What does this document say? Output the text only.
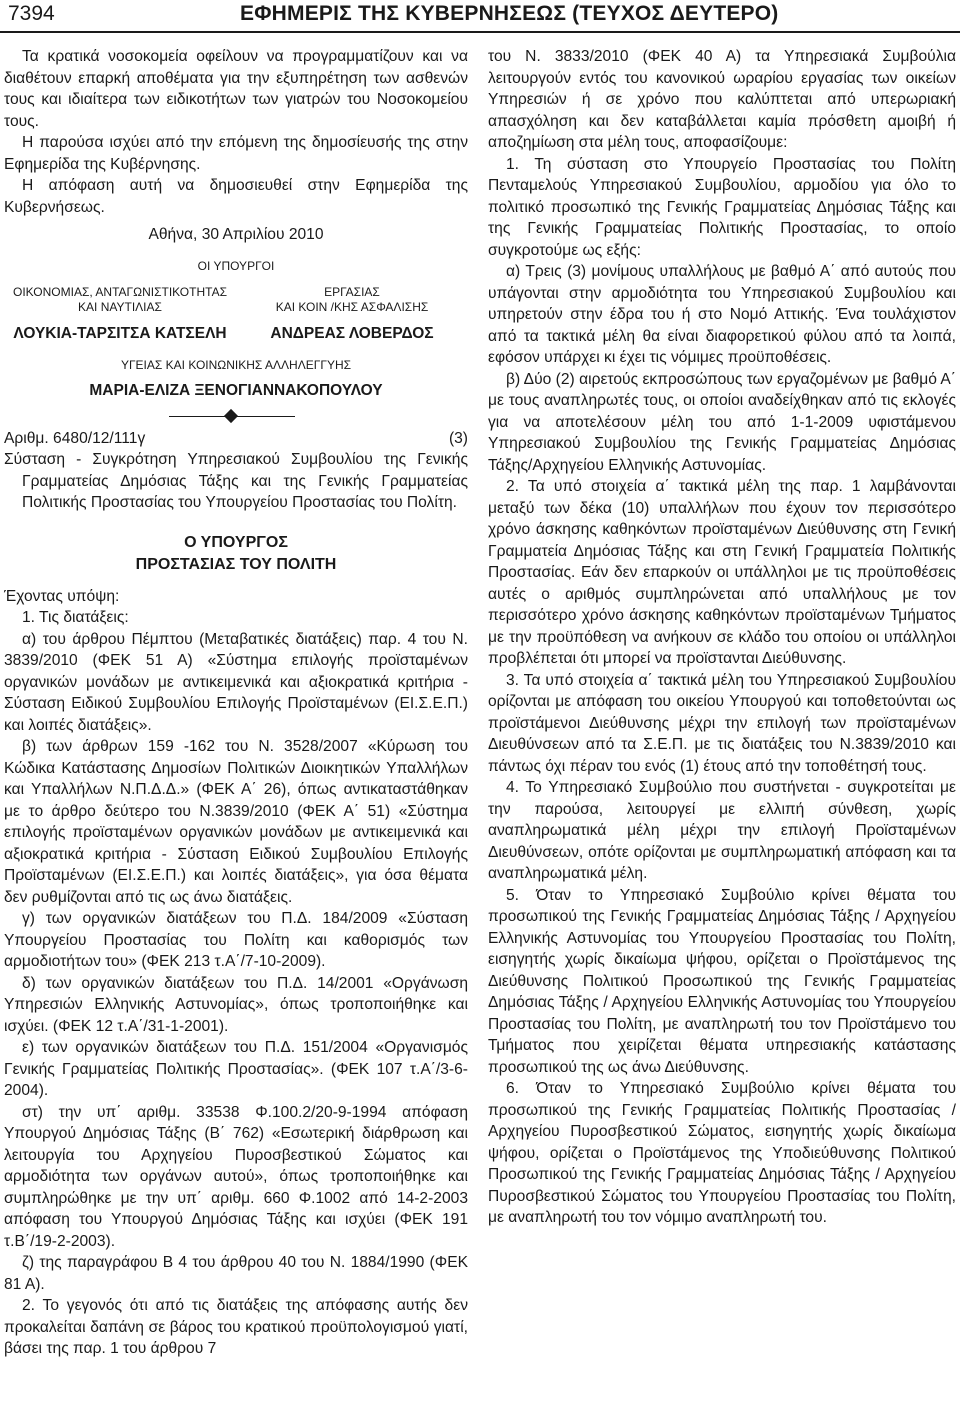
7394	ΕΦΗΜΕΡΙΣ ΤΗΣ ΚΥΒΕΡΝΗΣΕΩΣ (ΤΕΥΧΟΣ ΔΕΥΤΕΡΟ)

Τα κρατικά νοσοκομεία οφείλουν να προγραμματίζουν και να διαθέτουν επαρκή αποθέματα για την εξυπηρέτηση των ασθενών τους και ιδιαίτερα των ειδικοτήτων των γιατρών του Νοσοκομείου τους.

Η παρούσα ισχύει από την επόμενη της δημοσίευσής της στην Εφημερίδα της Κυβέρνησης.

Η απόφαση αυτή να δημοσιευθεί στην Εφημερίδα της Κυβερνήσεως.

Αθήνα, 30 Απριλίου 2010
ΟΙ ΥΠΟΥΡΓΟΙ
ΟΙΚΟΝΟΜΙΑΣ, ΑΝΤΑΓΩΝΙΣΤΙΚΟΤΗΤΑΣ
ΚΑΙ ΝΑΥΤΙΛΙΑΣ
ΕΡΓΑΣΙΑΣ
ΚΑΙ ΚΟΙΝ /ΚΗΣ ΑΣΦΑΛΙΣΗΣ
ΛΟΥΚΙΑ-ΤΑΡΣΙΤΣΑ ΚΑΤΣΕΛΗ	ΑΝΔΡΕΑΣ ΛΟΒΕΡΔΟΣ
ΥΓΕΙΑΣ ΚΑΙ ΚΟΙΝΩΝΙΚΗΣ ΑΛΛΗΛΕΓΓΥΗΣ
ΜΑΡΙΑ-ΕΛΙΖΑ ΞΕΝΟΓΙΑΝΝΑΚΟΠΟΥΛΟΥ
Αριθμ. 6480/12/111γ	(3)
Σύσταση - Συγκρότηση Υπηρεσιακού Συμβουλίου της Γενικής Γραμματείας Δημόσιας Τάξης και της Γενικής Γραμματείας Πολιτικής Προστασίας του Υπουργείου Προστασίας του Πολίτη.
Ο ΥΠΟΥΡΓΟΣ
ΠΡΟΣΤΑΣΙΑΣ ΤΟΥ ΠΟΛΙΤΗ

Έχοντας υπόψη:

1. Τις διατάξεις:

α) του άρθρου Πέμπτου (Μεταβατικές διατάξεις) παρ. 4 του Ν. 3839/2010 (ΦΕΚ 51 Α) «Σύστημα επιλογής προϊσταμένων οργανικών μονάδων με αντικειμενικά και αξιοκρατικά κριτήρια - Σύσταση Ειδικού Συμβουλίου Επιλογής Προϊσταμένων (ΕΙ.Σ.Ε.Π.) και λοιπές διατάξεις».

β) των άρθρων 159 -162 του Ν. 3528/2007 «Κύρωση του Κώδικα Κατάστασης Δημοσίων Πολιτικών Διοικητικών Υπαλλήλων και Υπαλλήλων Ν.Π.Δ.Δ.» (ΦΕΚ Α΄ 26), όπως αντικαταστάθηκαν με το άρθρο δεύτερο του Ν.3839/2010 (ΦΕΚ Α΄ 51) «Σύστημα επιλογής προϊσταμένων οργανικών μονάδων με αντικειμενικά και αξιοκρατικά κριτήρια - Σύσταση Ειδικού Συμβουλίου Επιλογής Προϊσταμένων (ΕΙ.Σ.Ε.Π.) και λοιπές διατάξεις», για όσα θέματα δεν ρυθμίζονται από τις ως άνω διατάξεις.

γ) των οργανικών διατάξεων του Π.Δ. 184/2009 «Σύσταση Υπουργείου Προστασίας του Πολίτη και καθορισμός των αρμοδιοτήτων του» (ΦΕΚ 213 τ.Α΄/7-10-2009).

δ) των οργανικών διατάξεων του Π.Δ. 14/2001 «Οργάνωση Υπηρεσιών Ελληνικής Αστυνομίας», όπως τροποποιήθηκε και ισχύει. (ΦΕΚ 12 τ.Α΄/31-1-2001).

ε) των οργανικών διατάξεων του Π.Δ. 151/2004 «Οργανισμός Γενικής Γραμματείας Πολιτικής Προστασίας». (ΦΕΚ 107 τ.Α΄/3-6-2004).

στ) την υπ΄ αριθμ. 33538 Φ.100.2/20-9-1994 απόφαση Υπουργού Δημόσιας Τάξης (Β΄ 762) «Εσωτερική διάρθρωση και λειτουργία του Αρχηγείου Πυροσβεστικού Σώματος και αρμοδιότητα των οργάνων αυτού», όπως τροποποιήθηκε και συμπληρώθηκε με την υπ΄ αριθμ. 660 Φ.1002 από 14-2-2003 απόφαση του Υπουργού Δημόσιας Τάξης και ισχύει (ΦΕΚ 191 τ.Β΄/19-2-2003).

ζ) της παραγράφου Β 4 του άρθρου 40 του Ν. 1884/1990 (ΦΕΚ 81 Α).

2. Το γεγονός ότι από τις διατάξεις της απόφασης αυτής δεν προκαλείται δαπάνη σε βάρος του κρατικού προϋπολογισμού γιατί, βάσει της παρ. 1 του άρθρου 7

του Ν. 3833/2010 (ΦΕΚ 40 Α) τα Υπηρεσιακά Συμβούλια λειτουργούν εντός του κανονικού ωραρίου εργασίας των οικείων Υπηρεσιών ή σε χρόνο που καλύπτεται από υπερωριακή απασχόληση και δεν καταβάλλεται καμία πρόσθετη αμοιβή ή αποζημίωση στα μέλη τους, αποφασίζουμε:

1. Τη σύσταση στο Υπουργείο Προστασίας του Πολίτη Πενταμελούς Υπηρεσιακού Συμβουλίου, αρμοδίου για όλο το πολιτικό προσωπικό της Γενικής Γραμματείας Δημόσιας Τάξης και της Γενικής Γραμματείας Πολιτικής Προστασίας, το οποίο συγκροτούμε ως εξής:

α) Τρεις (3) μονίμους υπαλλήλους με βαθμό Α΄ από αυτούς που υπάγονται στην αρμοδιότητα του Υπηρεσιακού Συμβουλίου και υπηρετούν στην έδρα του ή στο Νομό Αττικής. Ένα τουλάχιστον από τα τακτικά μέλη θα είναι διαφορετικού φύλου από τα λοιπά, εφόσον υπάρχει κι έχει τις νόμιμες προϋποθέσεις.

β) Δύο (2) αιρετούς εκπροσώπους των εργαζομένων με βαθμό Α΄ με τους αναπληρωτές τους, οι οποίοι αναδείχθηκαν από τις εκλογές για να αποτελέσουν μέλη του από 1-1-2009 υφιστάμενου Υπηρεσιακού Συμβουλίου της Γενικής Γραμματείας Δημόσιας Τάξης/Αρχηγείου Ελληνικής Αστυνομίας.

2. Τα υπό στοιχεία α΄ τακτικά μέλη της παρ. 1 λαμβάνονται μεταξύ των δέκα (10) υπαλλήλων που έχουν τον περισσότερο χρόνο άσκησης καθηκόντων προϊσταμένων Διεύθυνσης στη Γενική Γραμματεία Δημόσιας Τάξης και στη Γενική Γραμματεία Πολιτικής Προστασίας. Εάν δεν επαρκούν οι υπάλληλοι με τις προϋποθέσεις αυτές ο αριθμός συμπληρώνεται από υπαλλήλους με τον περισσότερο χρόνο άσκησης καθηκόντων προϊσταμένων Τμήματος με την προϋπόθεση να ανήκουν σε κλάδο του οποίου οι υπάλληλοι προβλέπεται ότι μπορεί να προϊστανται Διεύθυνσης.

3. Τα υπό στοιχεία α΄ τακτικά μέλη του Υπηρεσιακού Συμβουλίου ορίζονται με απόφαση του οικείου Υπουργού και τοποθετούνται ως προϊστάμενοι Διεύθυνσης μέχρι την επιλογή των προϊσταμένων Διευθύνσεων από τα Σ.Ε.Π. με τις διατάξεις του Ν.3839/2010 και πάντως όχι πέραν του ενός (1) έτους από την τοποθέτησή τους.

4. Το Υπηρεσιακό Συμβούλιο που συστήνεται - συγκροτείται με την παρούσα, λειτουργεί με ελλιπή σύνθεση, χωρίς αναπληρωματικά μέλη μέχρι την επιλογή Προϊσταμένων Διευθύνσεων, οπότε ορίζονται με συμπληρωματική απόφαση και τα αναπληρωματικά μέλη.

5. Όταν το Υπηρεσιακό Συμβούλιο κρίνει θέματα του προσωπικού της Γενικής Γραμματείας Δημόσιας Τάξης / Αρχηγείου Ελληνικής Αστυνομίας του Υπουργείου Προστασίας του Πολίτη, εισηγητής χωρίς δικαίωμα ψήφου, ορίζεται ο Προϊστάμενος της Διεύθυνσης Πολιτικού Προσωπικού της Γενικής Γραμματείας Δημόσιας Τάξης / Αρχηγείου Ελληνικής Αστυνομίας του Υπουργείου Προστασίας του Πολίτη, με αναπληρωτή του τον Προϊστάμενο του Τμήματος που χειρίζεται θέματα υπηρεσιακής κατάστασης προσωπικού της ως άνω Διεύθυνσης.

6. Όταν το Υπηρεσιακό Συμβούλιο κρίνει θέματα του προσωπικού της Γενικής Γραμματείας Πολιτικής Προστασίας / Αρχηγείου Πυροσβεστικού Σώματος, εισηγητής χωρίς δικαίωμα ψήφου, ορίζεται ο Προϊστάμενος της Υποδιεύθυνσης Πολιτικού Προσωπικού της Γενικής Γραμματείας Δημόσιας Τάξης / Αρχηγείου Πυροσβεστικού Σώματος του Υπουργείου Προστασίας του Πολίτη, με αναπληρωτή του τον νόμιμο αναπληρωτή του.
